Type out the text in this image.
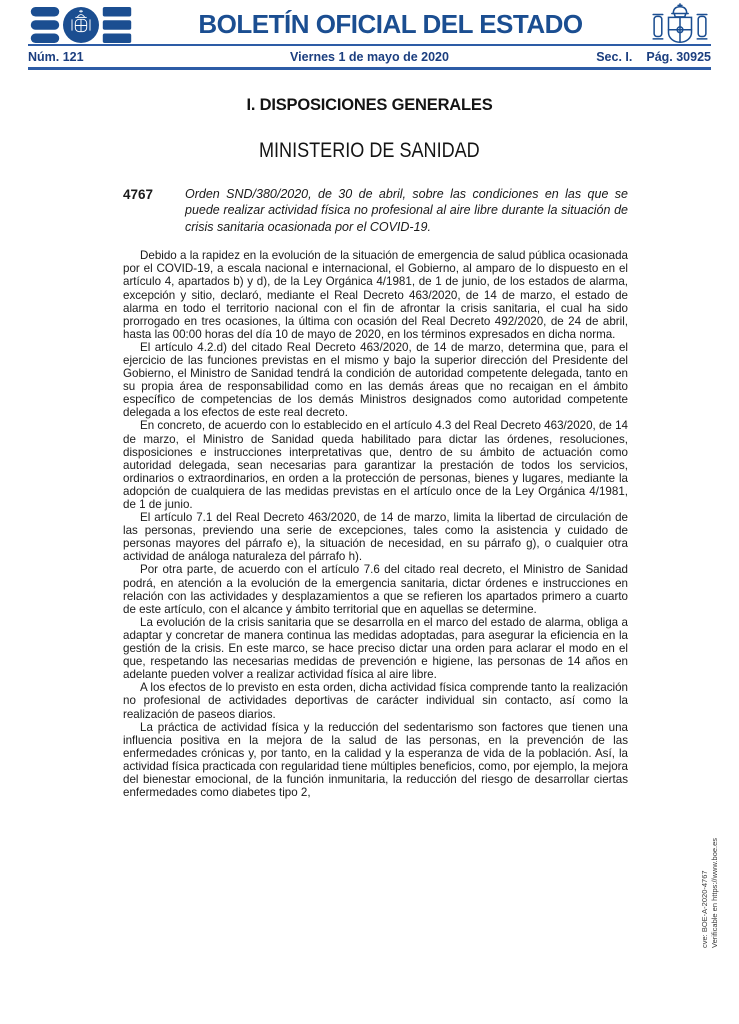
BOLETÍN OFICIAL DEL ESTADO
Núm. 121	Viernes 1 de mayo de 2020	Sec. I. Pág. 30925
I. DISPOSICIONES GENERALES
MINISTERIO DE SANIDAD
4767	Orden SND/380/2020, de 30 de abril, sobre las condiciones en las que se puede realizar actividad física no profesional al aire libre durante la situación de crisis sanitaria ocasionada por el COVID-19.

Debido a la rapidez en la evolución de la situación de emergencia de salud pública ocasionada por el COVID-19, a escala nacional e internacional, el Gobierno, al amparo de lo dispuesto en el artículo 4, apartados b) y d), de la Ley Orgánica 4/1981, de 1 de junio, de los estados de alarma, excepción y sitio, declaró, mediante el Real Decreto 463/2020, de 14 de marzo, el estado de alarma en todo el territorio nacional con el fin de afrontar la crisis sanitaria, el cual ha sido prorrogado en tres ocasiones, la última con ocasión del Real Decreto 492/2020, de 24 de abril, hasta las 00:00 horas del día 10 de mayo de 2020, en los términos expresados en dicha norma.

El artículo 4.2.d) del citado Real Decreto 463/2020, de 14 de marzo, determina que, para el ejercicio de las funciones previstas en el mismo y bajo la superior dirección del Presidente del Gobierno, el Ministro de Sanidad tendrá la condición de autoridad competente delegada, tanto en su propia área de responsabilidad como en las demás áreas que no recaigan en el ámbito específico de competencias de los demás Ministros designados como autoridad competente delegada a los efectos de este real decreto.

En concreto, de acuerdo con lo establecido en el artículo 4.3 del Real Decreto 463/2020, de 14 de marzo, el Ministro de Sanidad queda habilitado para dictar las órdenes, resoluciones, disposiciones e instrucciones interpretativas que, dentro de su ámbito de actuación como autoridad delegada, sean necesarias para garantizar la prestación de todos los servicios, ordinarios o extraordinarios, en orden a la protección de personas, bienes y lugares, mediante la adopción de cualquiera de las medidas previstas en el artículo once de la Ley Orgánica 4/1981, de 1 de junio.

El artículo 7.1 del Real Decreto 463/2020, de 14 de marzo, limita la libertad de circulación de las personas, previendo una serie de excepciones, tales como la asistencia y cuidado de personas mayores del párrafo e), la situación de necesidad, en su párrafo g), o cualquier otra actividad de análoga naturaleza del párrafo h).

Por otra parte, de acuerdo con el artículo 7.6 del citado real decreto, el Ministro de Sanidad podrá, en atención a la evolución de la emergencia sanitaria, dictar órdenes e instrucciones en relación con las actividades y desplazamientos a que se refieren los apartados primero a cuarto de este artículo, con el alcance y ámbito territorial que en aquellas se determine.

La evolución de la crisis sanitaria que se desarrolla en el marco del estado de alarma, obliga a adaptar y concretar de manera continua las medidas adoptadas, para asegurar la eficiencia en la gestión de la crisis. En este marco, se hace preciso dictar una orden para aclarar el modo en el que, respetando las necesarias medidas de prevención e higiene, las personas de 14 años en adelante pueden volver a realizar actividad física al aire libre.

A los efectos de lo previsto en esta orden, dicha actividad física comprende tanto la realización no profesional de actividades deportivas de carácter individual sin contacto, así como la realización de paseos diarios.

La práctica de actividad física y la reducción del sedentarismo son factores que tienen una influencia positiva en la mejora de la salud de las personas, en la prevención de las enfermedades crónicas y, por tanto, en la calidad y la esperanza de vida de la población. Así, la actividad física practicada con regularidad tiene múltiples beneficios, como, por ejemplo, la mejora del bienestar emocional, de la función inmunitaria, la reducción del riesgo de desarrollar ciertas enfermedades como diabetes tipo 2,

cve: BOE-A-2020-4767 Verificable en https://www.boe.es
